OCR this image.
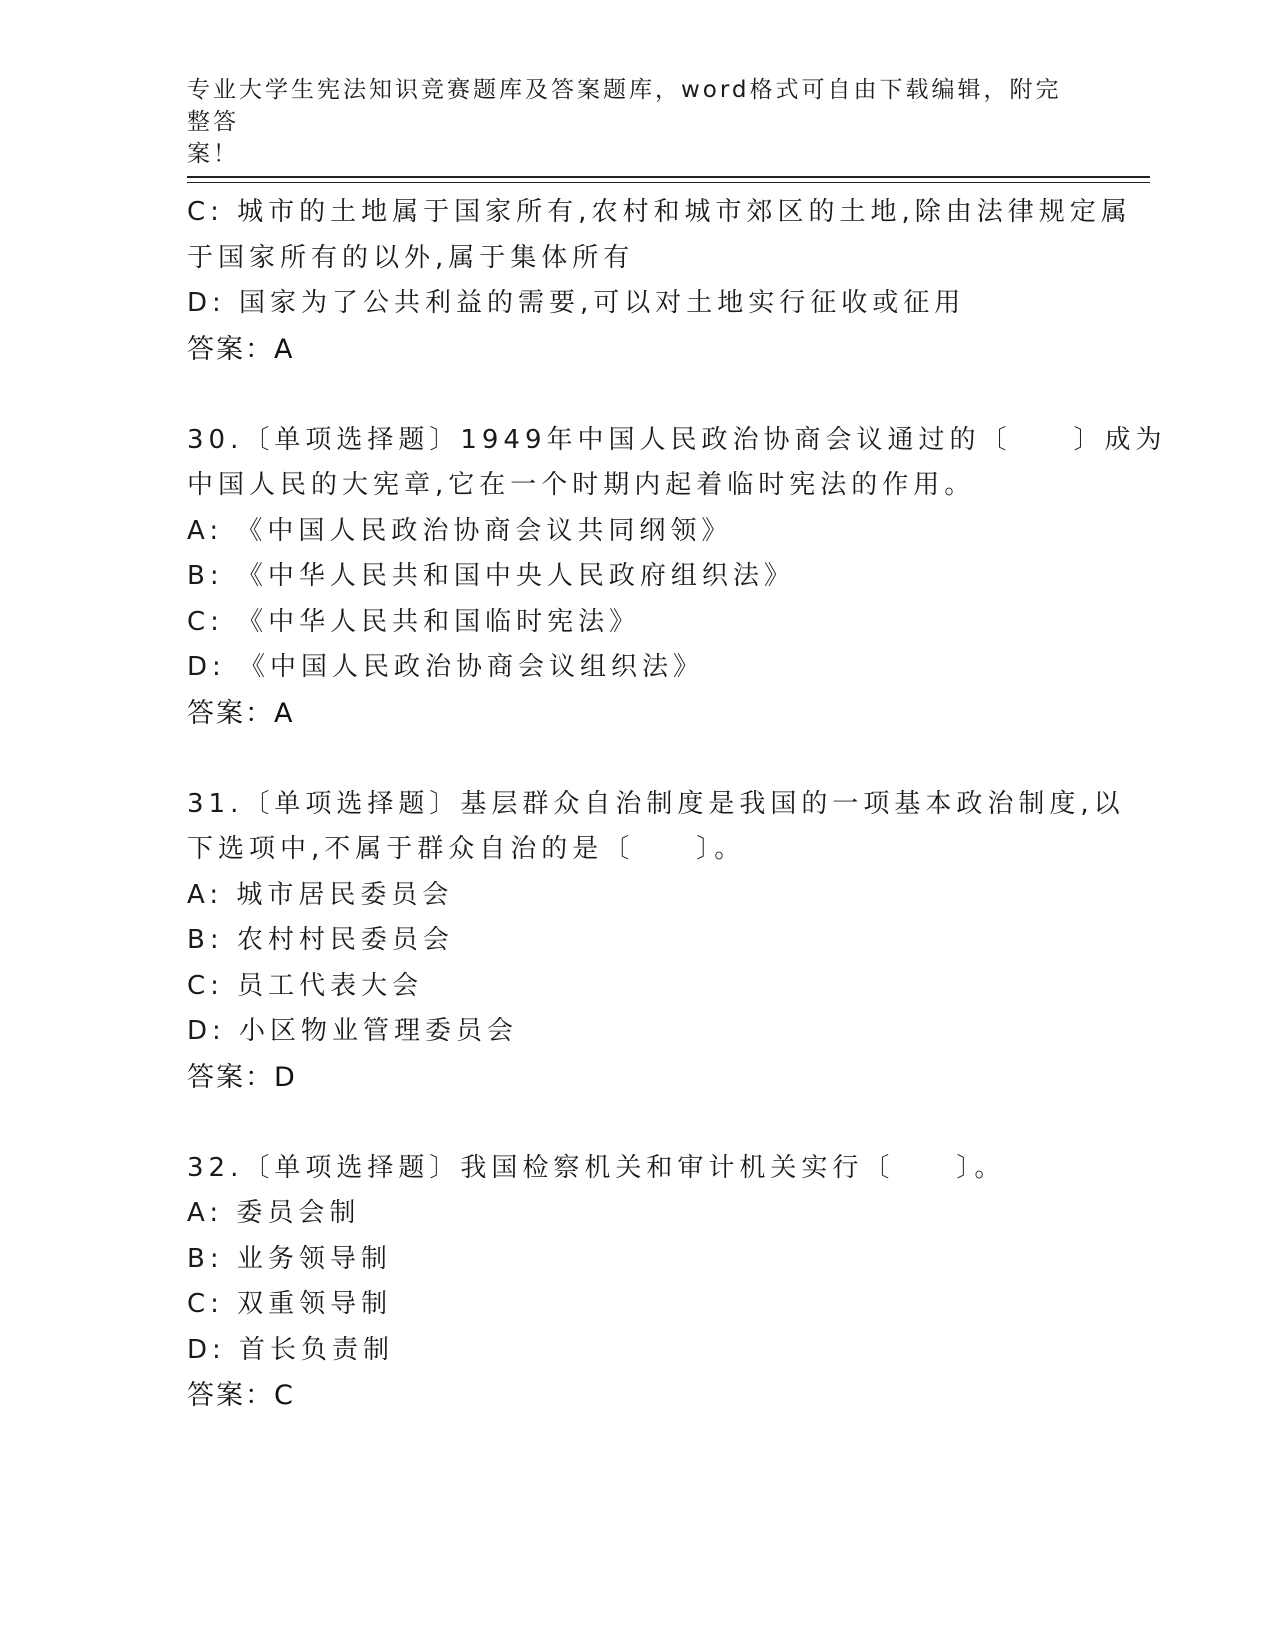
专业大学生宪法知识竞赛题库及答案题库，word格式可自由下载编辑，附完整答
案！
C: 城市的土地属于国家所有,农村和城市郊区的土地,除由法律规定属
于国家所有的以外,属于集体所有
D: 国家为了公共利益的需要,可以对土地实行征收或征用
答案：A
30.〔单项选择题〕1949年中国人民政治协商会议通过的〔　　〕成为
中国人民的大宪章,它在一个时期内起着临时宪法的作用。
A: 《中国人民政治协商会议共同纲领》
B: 《中华人民共和国中央人民政府组织法》
C: 《中华人民共和国临时宪法》
D: 《中国人民政治协商会议组织法》
答案：A
31.〔单项选择题〕基层群众自治制度是我国的一项基本政治制度,以
下选项中,不属于群众自治的是〔　　〕。
A: 城市居民委员会
B: 农村村民委员会
C: 员工代表大会
D: 小区物业管理委员会
答案：D
32.〔单项选择题〕我国检察机关和审计机关实行〔　　〕。
A: 委员会制
B: 业务领导制
C: 双重领导制
D: 首长负责制
答案：C
